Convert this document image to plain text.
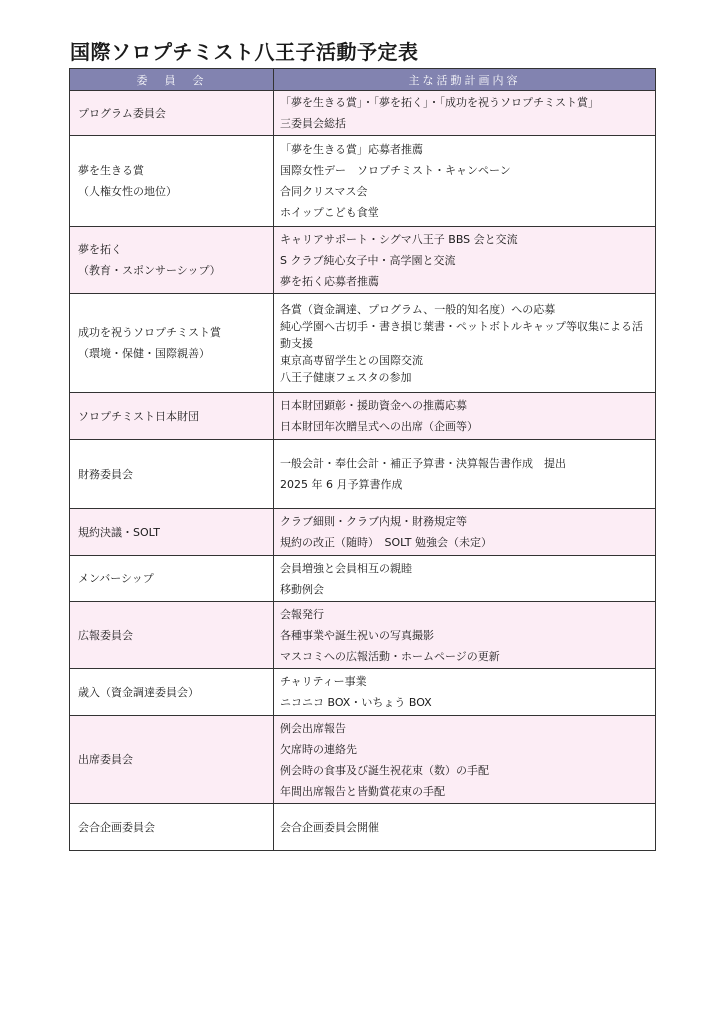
国際ソロプチミスト八王子活動予定表
委　員　会	主な活動計画内容

プログラム委員会	「夢を生きる賞」・「夢を拓く」・「成功を祝うソロプチミスト賞」
三委員会総括

夢を生きる賞
（人権女性の地位）	「夢を生きる賞」応募者推薦
国際女性デー　ソロプチミスト・キャンペーン
合同クリスマス会
ホイップこども食堂

夢を拓く
（教育・スポンサーシップ）	キャリアサポート・シグマ八王子 BBS 会と交流
S クラブ純心女子中・高学園と交流
夢を拓く応募者推薦

成功を祝うソロプチミスト賞
（環境・保健・国際親善）	各賞（資金調達、プログラム、一般的知名度）への応募
純心学園へ古切手・書き損じ葉書・ペットボトルキャップ等収集による活動支援
東京高専留学生との国際交流
八王子健康フェスタの参加

ソロプチミスト日本財団	日本財団顕彰・援助資金への推薦応募
日本財団年次贈呈式への出席（企画等）

財務委員会	一般会計・奉仕会計・補正予算書・決算報告書作成　提出
2025 年 6 月予算書作成

規約決議・SOLT	クラブ細則・クラブ内規・財務規定等
規約の改正（随時）　SOLT 勉強会（未定）

メンバーシップ	会員増強と会員相互の親睦
移動例会

広報委員会	会報発行
各種事業や誕生祝いの写真撮影
マスコミへの広報活動・ホームページの更新

歳入（資金調達委員会）	チャリティー事業
ニコニコ BOX・いちょう BOX

出席委員会	例会出席報告
欠席時の連絡先
例会時の食事及び誕生祝花束（数）の手配
年間出席報告と皆勤賞花束の手配

会合企画委員会	会合企画委員会開催
